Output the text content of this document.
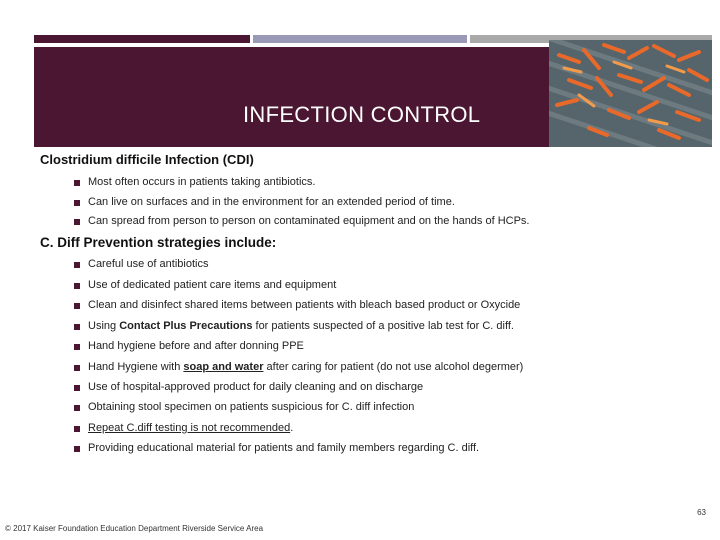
INFECTION CONTROL
Clostridium difficile Infection (CDI)
Most often occurs in patients taking antibiotics.
Can live on surfaces and in the environment for an extended period of time.
Can spread from person to person on contaminated equipment and on the hands of HCPs.
C. Diff Prevention strategies include:
Careful use of antibiotics
Use of dedicated patient care items and equipment
Clean and disinfect shared items between patients with bleach based product or Oxycide
Using Contact Plus Precautions for patients suspected of a positive lab test for C. diff.
Hand hygiene before and after donning PPE
Hand Hygiene with soap and water after caring for patient (do not use alcohol degermer)
Use of hospital-approved product for daily cleaning and on discharge
Obtaining stool specimen on patients suspicious for C. diff infection
Repeat C.diff testing is not recommended.
Providing educational material for patients and family members regarding C. diff.
63
© 2017 Kaiser Foundation Education Department Riverside Service Area
